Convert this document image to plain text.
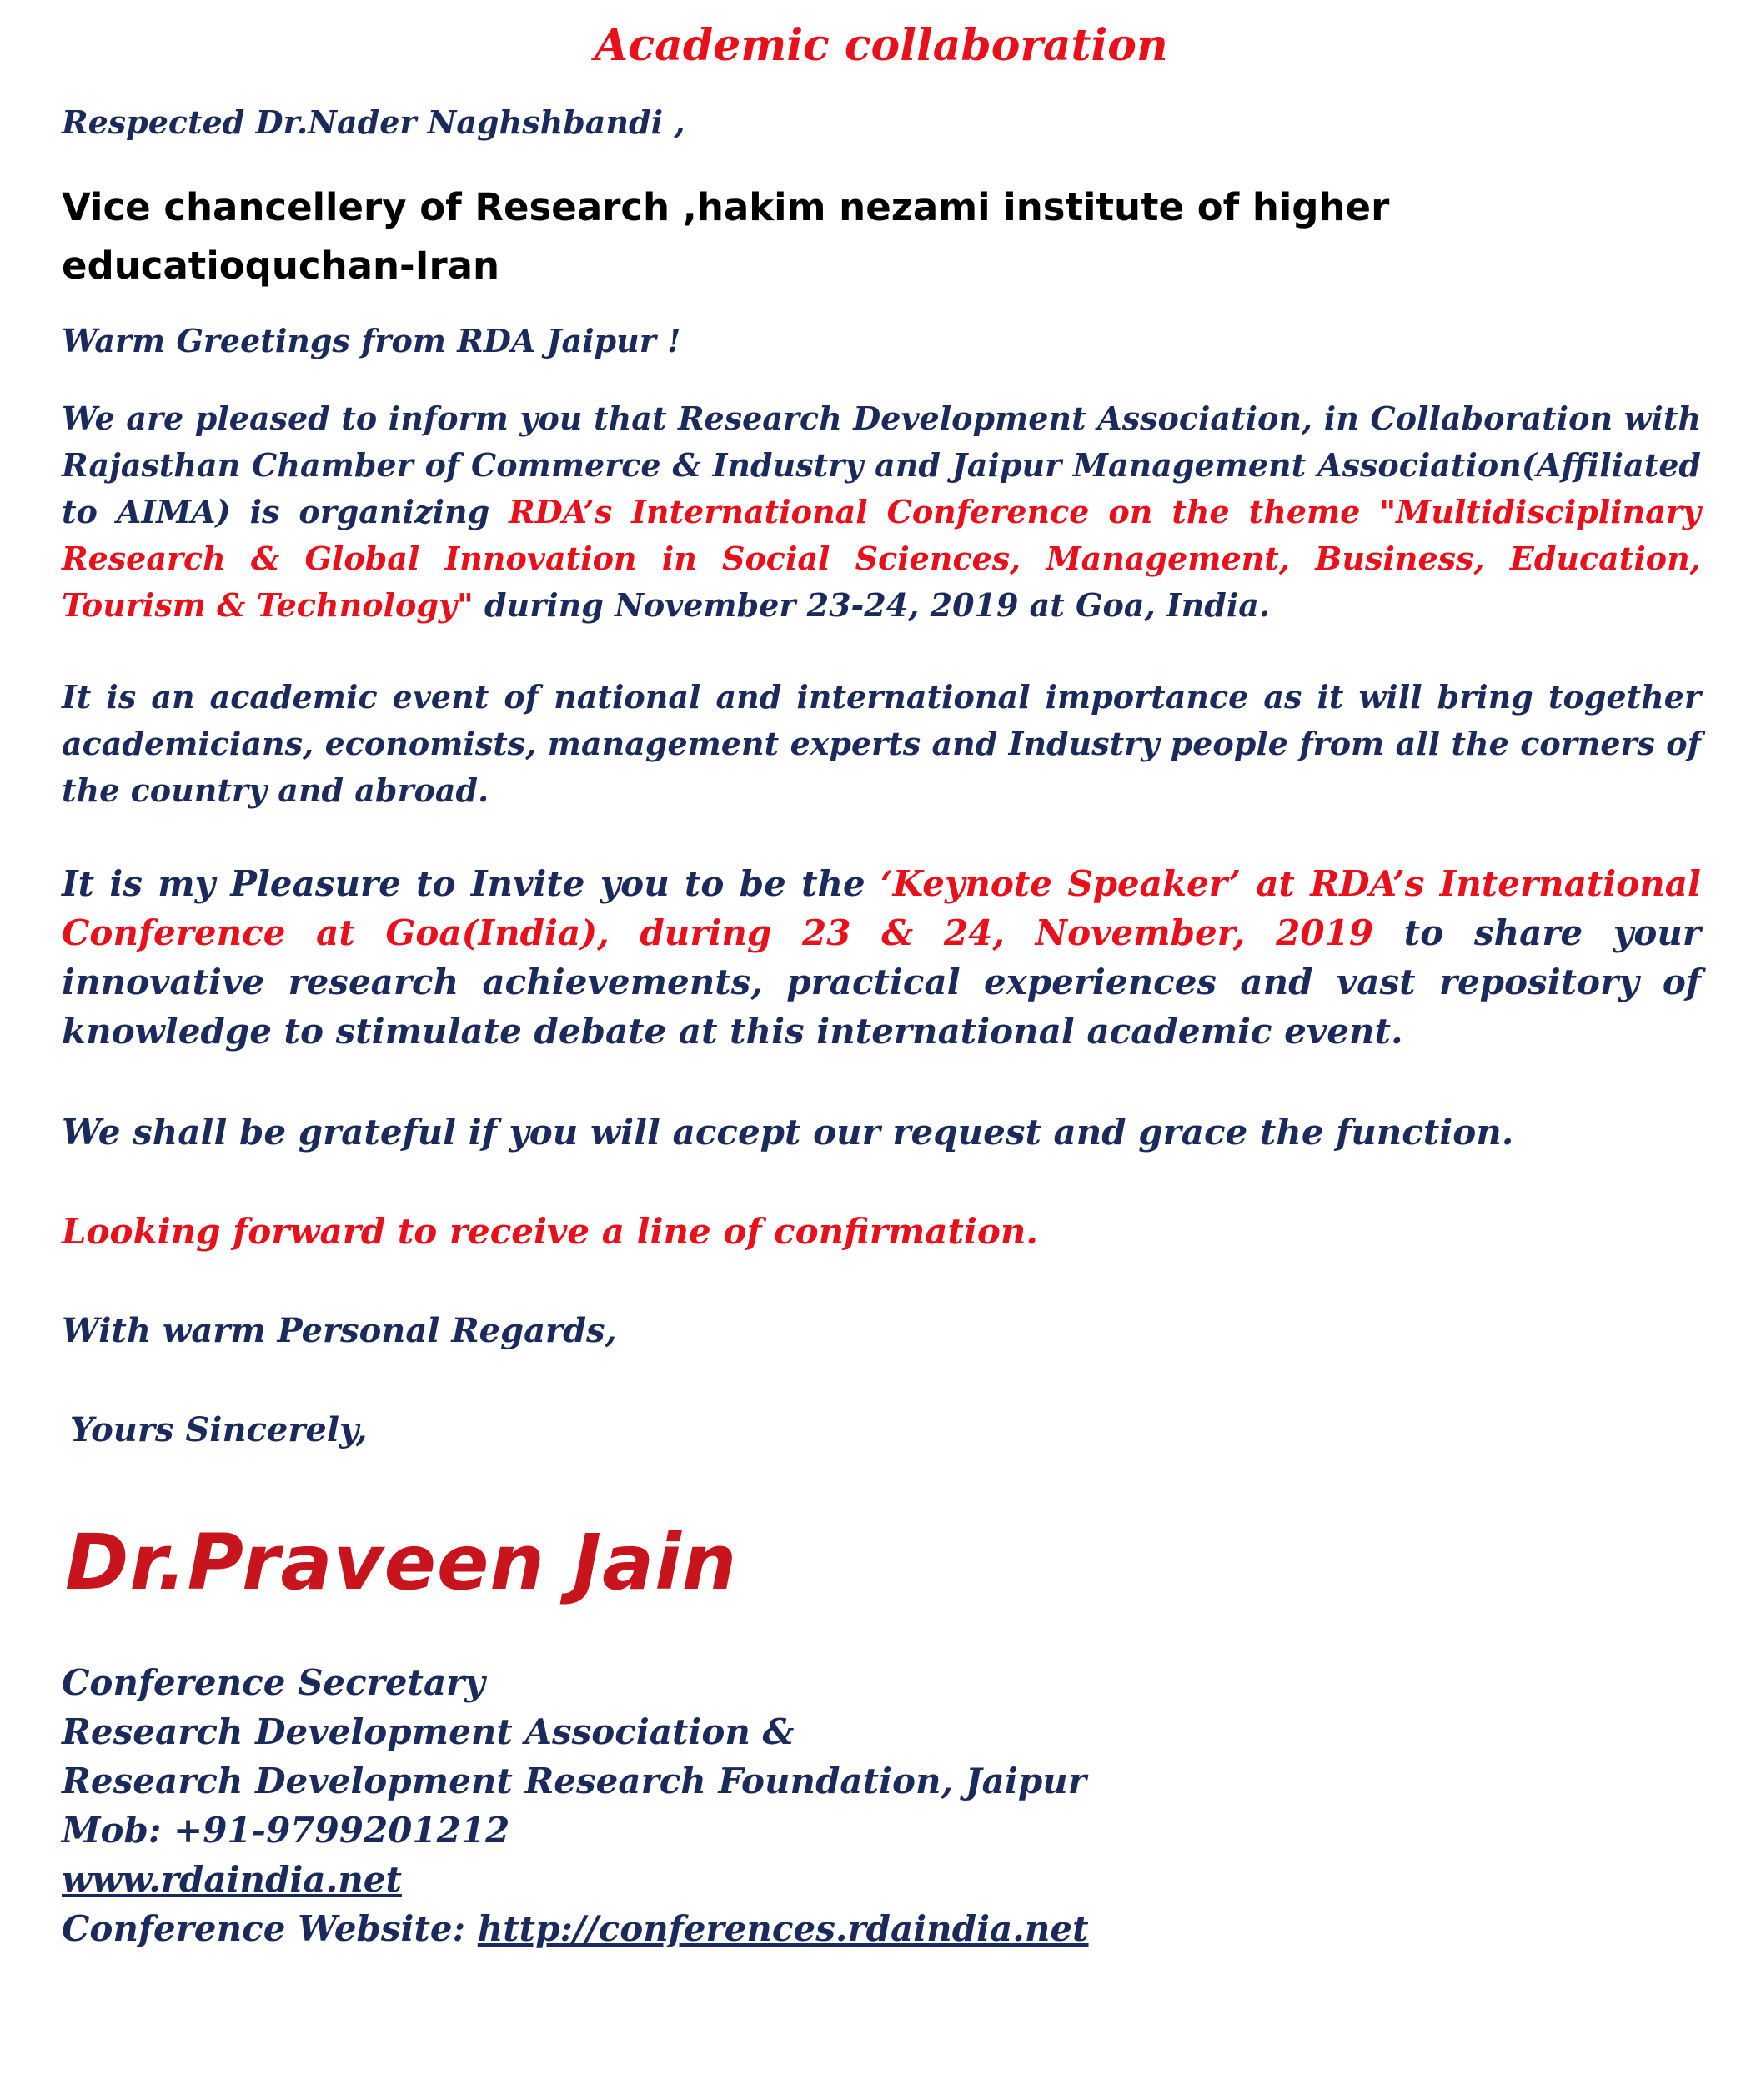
Academic collaboration
Respected Dr.Nader Naghshbandi ,
Vice chancellery of Research ,hakim nezami institute of higher educatioquchan-Iran
Warm Greetings from RDA Jaipur !
We are pleased to inform you that Research Development Association, in Collaboration with Rajasthan Chamber of Commerce & Industry and Jaipur Management Association(Affiliated to AIMA) is organizing RDA’s International Conference on the theme "Multidisciplinary Research & Global Innovation in Social Sciences, Management, Business, Education, Tourism & Technology" during November 23-24, 2019 at Goa, India.
It is an academic event of national and international importance as it will bring together academicians, economists, management experts and Industry people from all the corners of the country and abroad.
It is my Pleasure to Invite you to be the ‘Keynote Speaker’ at RDA’s International Conference at Goa(India), during 23 & 24, November, 2019 to share your innovative research achievements, practical experiences and vast repository of knowledge to stimulate debate at this international academic event.
We shall be grateful if you will accept our request and grace the function.
Looking forward to receive a line of confirmation.
With warm Personal Regards,
Yours Sincerely,
Dr.Praveen Jain
Conference Secretary
Research Development Association &
Research Development Research Foundation, Jaipur
Mob: +91-9799201212
www.rdaindia.net
Conference Website: http://conferences.rdaindia.net
